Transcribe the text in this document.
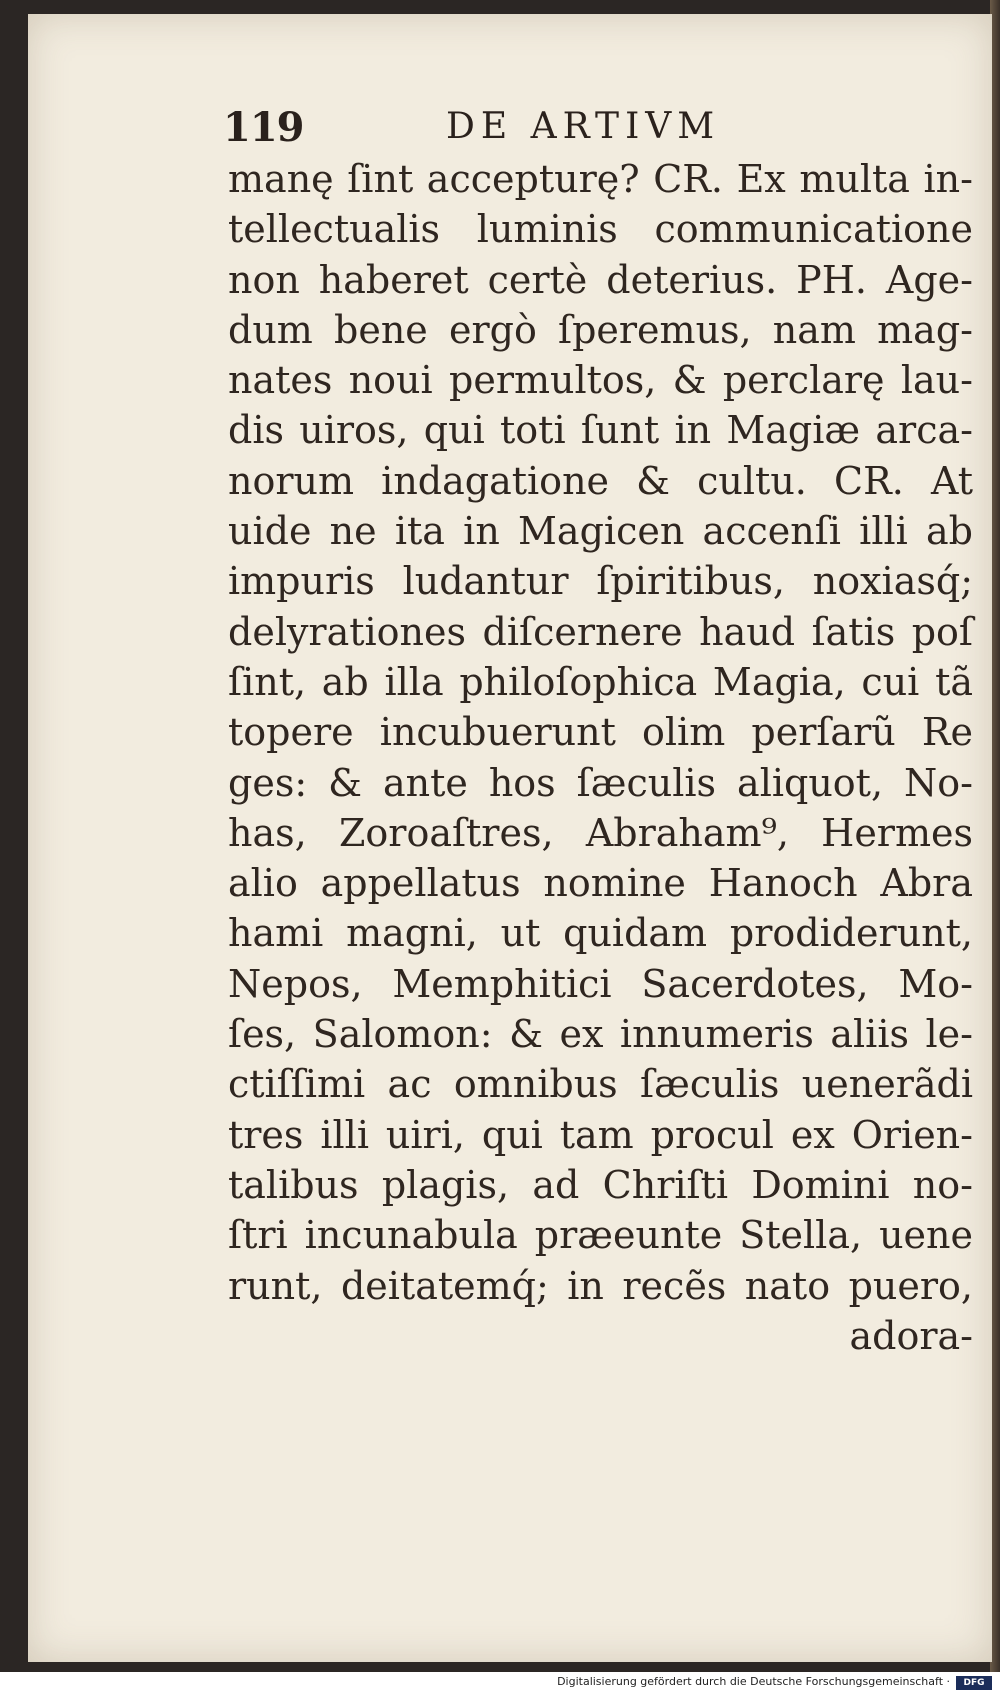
119	DE ARTIVM
manę ſint accepturę? CR. Ex multa in-
tellectualis luminis communicatione
non haberet certè deterius. PH. Age-
dum bene ergò ſperemus, nam mag-
nates noui permultos, & perclarę lau-
dis uiros, qui toti ſunt in Magiæ arca-
norum indagatione & cultu. CR. At
uide ne ita in Magicen accenſi illi ab
impuris ludantur ſpiritibus, noxiasq́;
delyrationes diſcernere haud ſatis poſ
ſint, ab illa philoſophica Magia, cui tã
topere incubuerunt olim perſarũ Re
ges: & ante hos ſæculis aliquot, No-
has, Zoroaſtres, Abraham⁹, Hermes
alio appellatus nomine Hanoch Abra
hami magni, ut quidam prodiderunt,
Nepos, Memphitici Sacerdotes, Mo-
ſes, Salomon: & ex innumeris aliis le-
ctiſſimi ac omnibus ſæculis uenerãdi
tres illi uiri, qui tam procul ex Orien-
talibus plagis, ad Chriſti Domini no-
ſtri incunabula præeunte Stella, uene
runt, deitatemq́; in recẽs nato puero,
adora-
Digitalisierung gefördert durch die Deutsche Forschungsgemeinschaft ·	DFG
